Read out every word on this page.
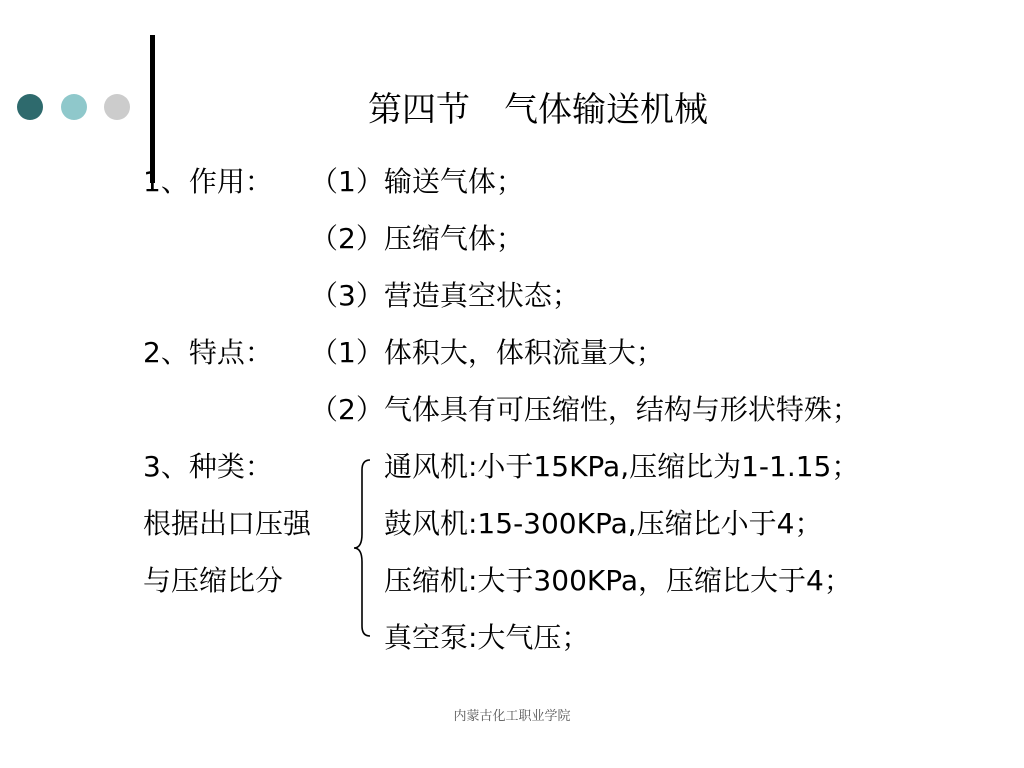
第四节　气体输送机械
1、作用： （1）输送气体；
（2）压缩气体；
（3）营造真空状态；
2、特点： （1）体积大，体积流量大；
（2）气体具有可压缩性，结构与形状特殊；
3、种类：
根据出口压强
与压缩比分
通风机:小于15KPa,压缩比为1-1.15；
鼓风机:15-300KPa,压缩比小于4；
压缩机:大于300KPa，压缩比大于4；
真空泵:大气压；
内蒙古化工职业学院
